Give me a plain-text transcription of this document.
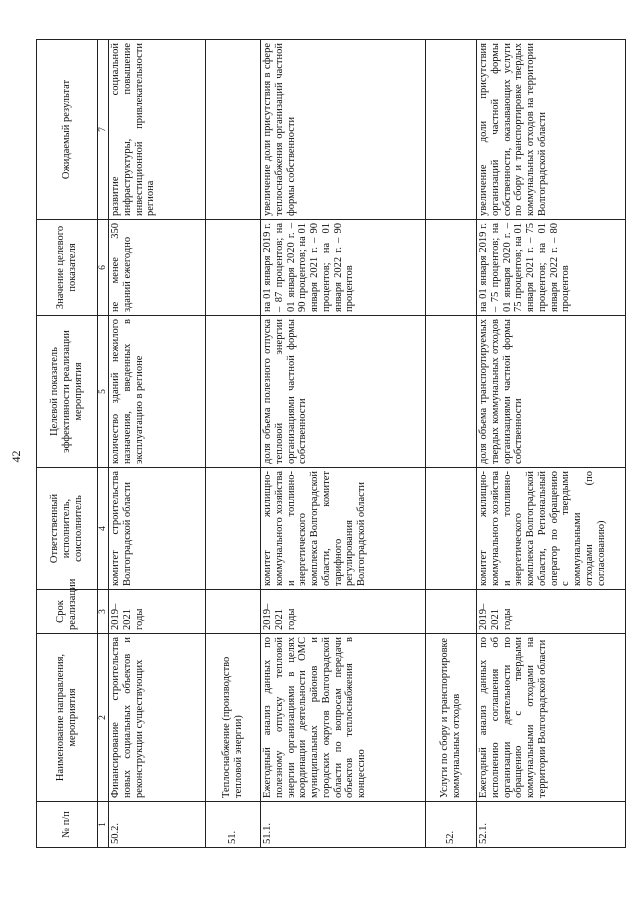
42
№ п/п	Наименование направления, мероприятия	Срок реализации	Ответственный исполнитель, соисполнитель	Целевой показатель эффективности реализации мероприятия	Значение целевого показателя	Ожидаемый результат
1	2	3	4	5	6	7
50.2.	Финансирование строительства новых социальных объектов и реконструкции существующих	2019–2021 годы	комитет строительства Волгоградской области	количество зданий нежилого назначения, введенных в эксплуатацию в регионе	не менее 350 зданий ежегодно	развитие социальной инфраструктуры, повышение инвестиционной привлекательности региона
51.	Теплоснабжение (производство тепловой энергии)					
51.1.	Ежегодный анализ данных по полезному отпуску тепловой энергии организациями в целях координации деятельности ОМС муниципальных районов и городских округов Волгоградской области по вопросам передачи объектов теплоснабжения в концессию	2019–2021 годы	комитет жилищно-коммунального хозяйства и топливно-энергетического комплекса Волгоградской области, комитет тарифного регулирования Волгоградской области	доля объема полезного отпуска тепловой энергии организациями частной формы собственности	на 01 января 2019 г. – 87 процентов; на 01 января 2020 г. – 90 процентов; на 01 января 2021 г. – 90 процентов; на 01 января 2022 г. – 90 процентов	увеличение доли присутствия в сфере теплоснабжения организаций частной формы собственности
52.	Услуги по сбору и транспортировке коммунальных отходов					
52.1.	Ежегодный анализ данных по исполнению соглашения об организации деятельности по обращению с твердыми коммунальными отходами на территории Волгоградской области	2019–2021 годы	комитет жилищно-коммунального хозяйства и топливно-энергетического комплекса Волгоградской области, Региональный оператор по обращению с твердыми коммунальными отходами (по согласованию)	доля объема транспортируемых твердых коммунальных отходов организациями частной формы собственности	на 01 января 2019 г. – 75 процентов; на 01 января 2020 г. – 75 процентов; на 01 января 2021 г. – 75 процентов; на 01 января 2022 г. – 80 процентов	увеличение доли присутствия организаций частной формы собственности, оказывающих услуги по сбору и транспортировке твердых коммунальных отходов на территории Волгоградской области
